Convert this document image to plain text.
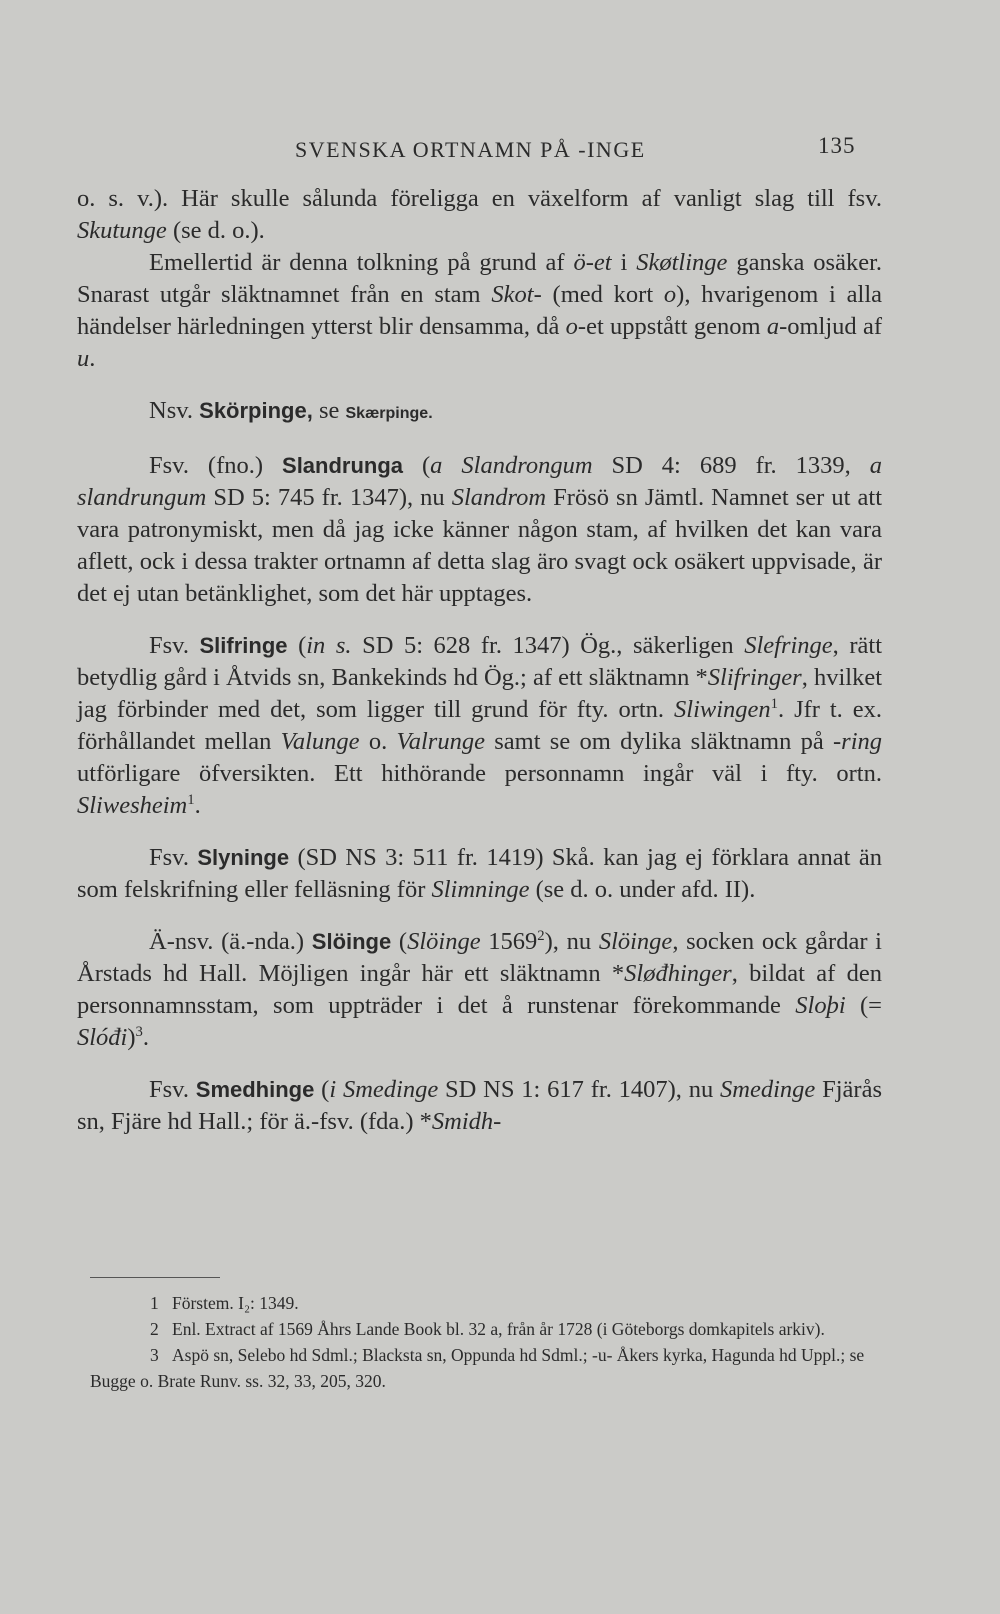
SVENSKA ORTNAMN PÅ -INGE	135

o. s. v.). Här skulle sålunda föreligga en växelform af vanligt slag till fsv. Skutunge (se d. o.).

Emellertid är denna tolkning på grund af ö-et i Skøtlinge ganska osäker. Snarast utgår släktnamnet från en stam Skot- (med kort o), hvarigenom i alla händelser härledningen ytterst blir densamma, då o-et uppstått genom a-omljud af u.

Nsv. Skörpinge, se Skærpinge.

Fsv. (fno.) Slandrunga (a Slandrongum SD 4: 689 fr. 1339, a slandrungum SD 5: 745 fr. 1347), nu Slandrom Frösö sn Jämtl. Namnet ser ut att vara patronymiskt, men då jag icke känner någon stam, af hvilken det kan vara aflett, ock i dessa trakter ortnamn af detta slag äro svagt ock osäkert uppvisade, är det ej utan betänklighet, som det här upptages.

Fsv. Slifringe (in s. SD 5: 628 fr. 1347) Ög., säkerligen Slefringe, rätt betydlig gård i Åtvids sn, Bankekinds hd Ög.; af ett släktnamn *Slifringer, hvilket jag förbinder med det, som ligger till grund för fty. ortn. Sliwingen$^1$. Jfr t. ex. förhållandet mellan Valunge o. Valrunge samt se om dylika släktnamn på -ring utförligare öfversikten. Ett hithörande personnamn ingår väl i fty. ortn. Sliwesheim$^1$.

Fsv. Slyninge (SD NS 3: 511 fr. 1419) Skå. kan jag ej förklara annat än som felskrifning eller felläsning för Slimninge (se d. o. under afd. II).

Ä-nsv. (ä.-nda.) Slöinge (Slöinge 1569$^2$), nu Slöinge, socken ock gårdar i Årstads hd Hall. Möjligen ingår här ett släktnamn *Sløđhinger, bildat af den personnamnsstam, som uppträder i det å runstenar förekommande Sloþi (= Slóđi)$^3$.

Fsv. Smedhinge (i Smedinge SD NS 1: 617 fr. 1407), nu Smedinge Fjärås sn, Fjäre hd Hall.; för ä.-fsv. (fda.) *Smidh-

1 Förstem. I₂: 1349.

2 Enl. Extract af 1569 Åhrs Lande Book bl. 32 a, från år 1728 (i Göteborgs domkapitels arkiv).

3 Aspö sn, Selebo hd Sdml.; Blacksta sn, Oppunda hd Sdml.; -u- Åkers kyrka, Hagunda hd Uppl.; se Bugge o. Brate Runv. ss. 32, 33, 205, 320.
